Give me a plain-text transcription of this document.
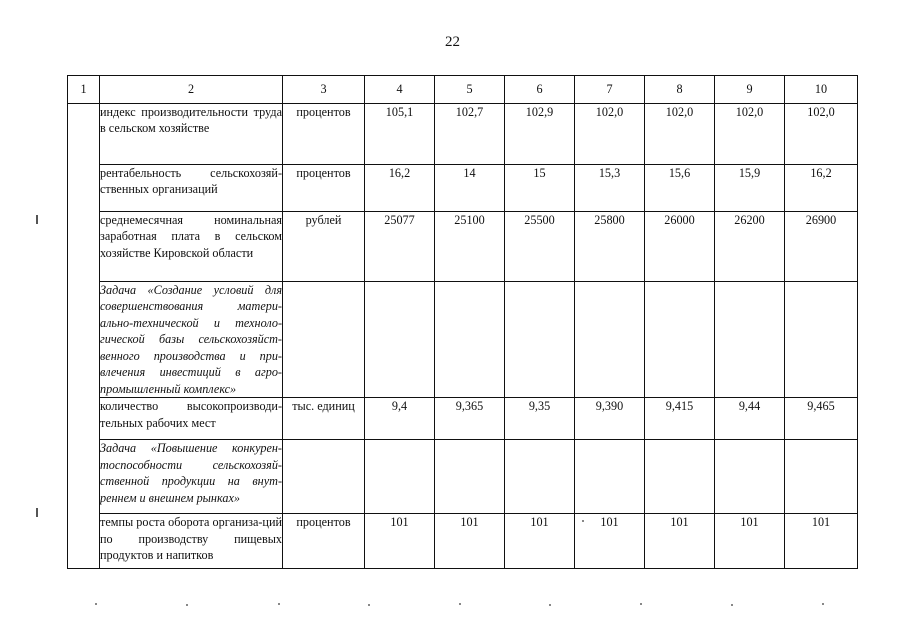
22
1	2	3	4	5	6	7	8	9	10
	индекс производительности труда в сельском хозяйстве	процентов	105,1	102,7	102,9	102,0	102,0	102,0	102,0
	рентабельность сельскохозяй-ственных организаций	процентов	16,2	14	15	15,3	15,6	15,9	16,2
	среднемесячная номинальная заработная плата в сельском хозяйстве Кировской области	рублей	25077	25100	25500	25800	26000	26200	26900
	Задача «Создание условий для совершенствования матери-ально-технической и техноло-гической базы сельскохозяйст-венного производства и при-влечения инвестиций в агро-промышленный комплекс»								
	количество высокопроизводи-тельных рабочих мест	тыс. единиц	9,4	9,365	9,35	9,390	9,415	9,44	9,465
	Задача «Повышение конкурен-тоспособности сельскохозяй-ственной продукции на внут-реннем и внешнем рынках»								
	темпы роста оборота организа-ций по производству пищевых продуктов и напитков	процентов	101	101	101	101	101	101	101
